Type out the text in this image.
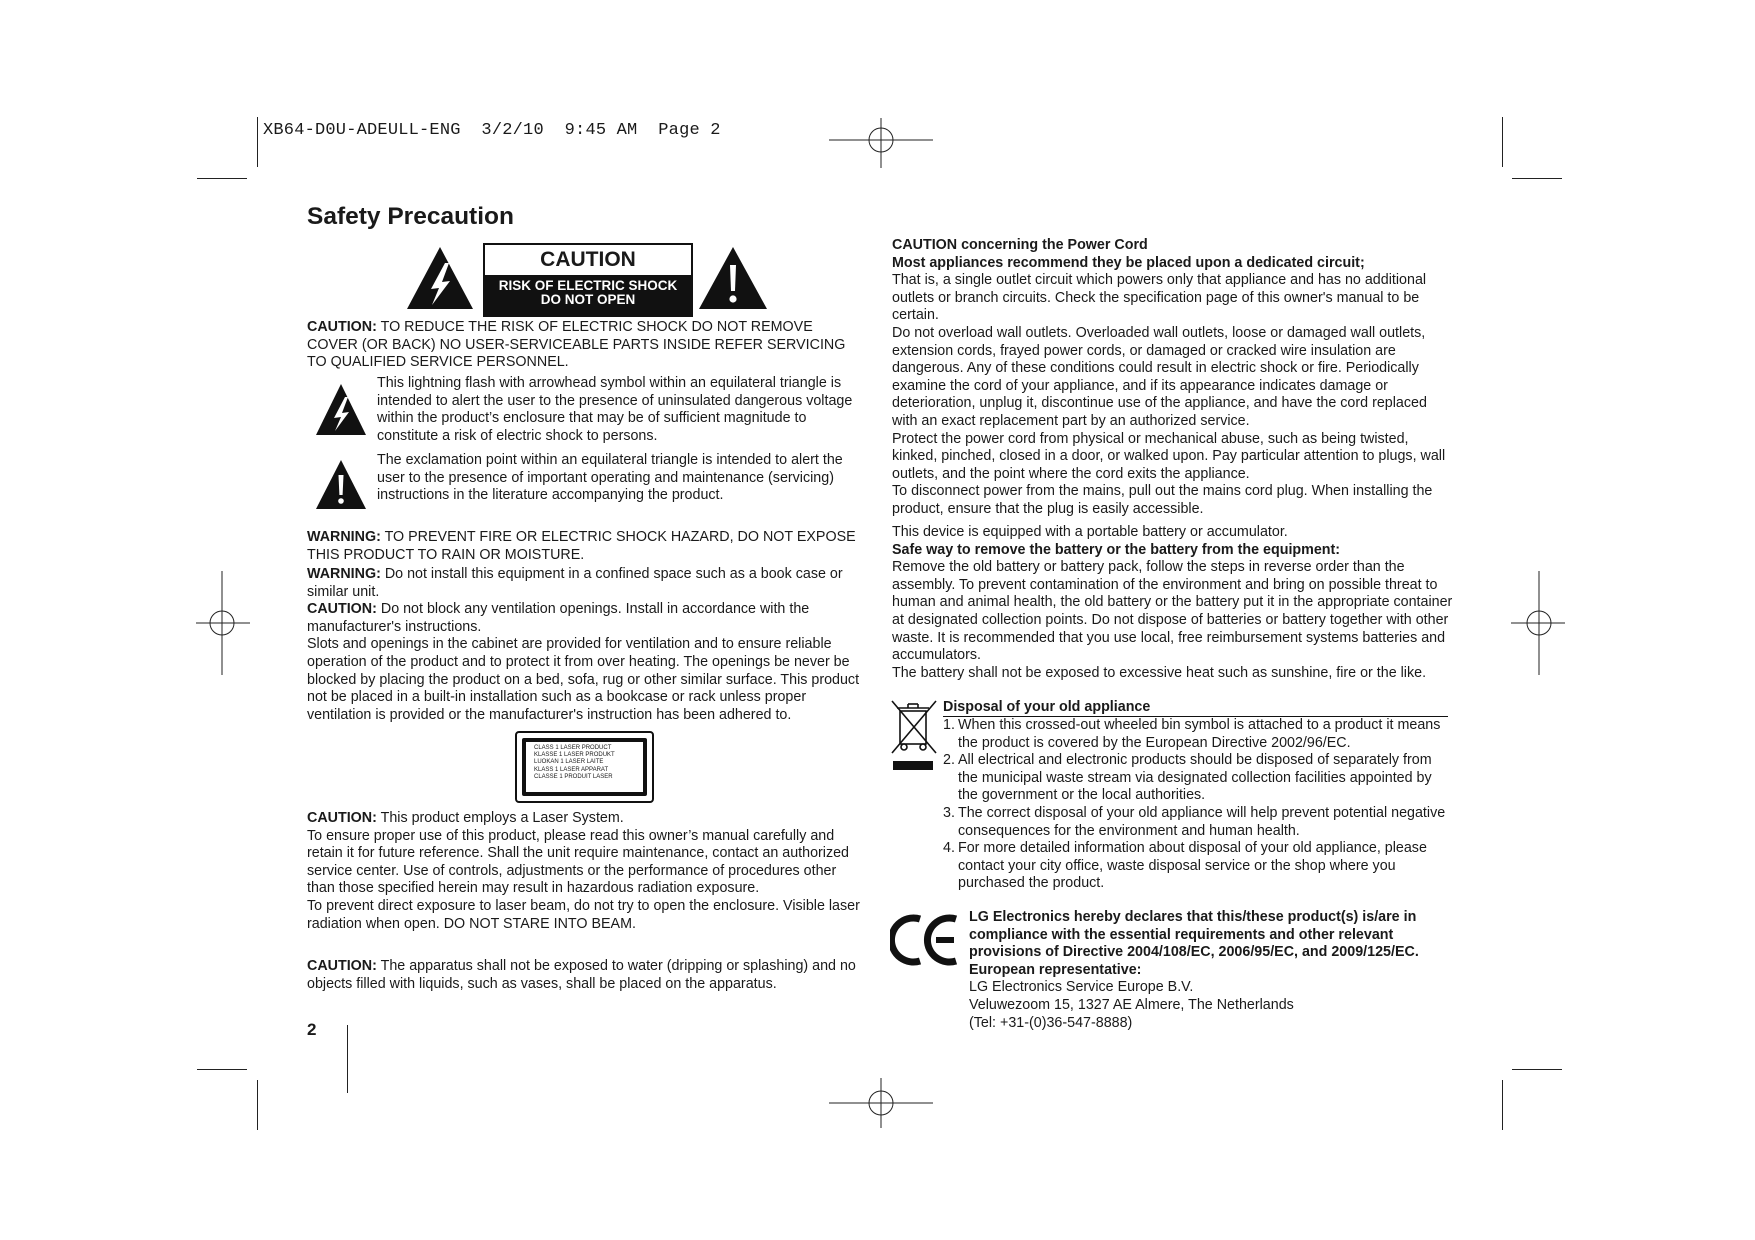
XB64-D0U-ADEULL-ENG  3/2/10  9:45 AM  Page 2
Safety Precaution
CAUTION
RISK OF ELECTRIC SHOCK
DO NOT OPEN

CAUTION: TO REDUCE THE RISK OF ELECTRIC SHOCK DO NOT REMOVE COVER (OR BACK) NO USER-SERVICEABLE PARTS INSIDE REFER SERVICING TO QUALIFIED SERVICE PERSONNEL.

This lightning flash with arrowhead symbol within an equilateral triangle is intended to alert the user to the presence of uninsulated dangerous voltage within the product’s enclosure that may be of sufficient magnitude to constitute a risk of electric shock to persons.
The exclamation point within an equilateral triangle is intended to alert the user to the presence of important operating and maintenance (servicing) instructions in the literature accompanying the product.

WARNING: TO PREVENT FIRE OR ELECTRIC SHOCK HAZARD, DO NOT EXPOSE THIS PRODUCT TO RAIN OR MOISTURE.

WARNING: Do not install this equipment in a confined space such as a book case or similar unit.

CAUTION: Do not block any ventilation openings. Install in accordance with the manufacturer's instructions.

Slots and openings in the cabinet are provided for ventilation and to ensure reliable operation of the product and to protect it from over heating. The openings be never be blocked by placing the product on a bed, sofa, rug or other similar surface. This product not be placed in a built-in installation such as a bookcase or rack unless proper ventilation is provided or the manufacturer's instruction has been adhered to.

CLASS 1 LASER PRODUCT
KLASSE 1 LASER PRODUKT
LUOKAN 1 LASER LAITE
KLASS 1 LASER APPARAT
CLASSE 1 PRODUIT LASER

CAUTION: This product employs a Laser System.

To ensure proper use of this product, please read this owner’s manual carefully and retain it for future reference. Shall the unit require maintenance, contact an authorized service center. Use of controls, adjustments or the performance of procedures other than those specified herein may result in hazardous radiation exposure.

To prevent direct exposure to laser beam, do not try to open the enclosure. Visible laser radiation when open. DO NOT STARE INTO BEAM.

CAUTION: The apparatus shall not be exposed to water (dripping or splashing) and no objects filled with liquids, such as vases, shall be placed on the apparatus.

2

CAUTION concerning the Power Cord

Most appliances recommend they be placed upon a dedicated circuit;

That is, a single outlet circuit which powers only that appliance and has no additional outlets or branch circuits. Check the specification page of this owner's manual to be certain.

Do not overload wall outlets. Overloaded wall outlets, loose or damaged wall outlets, extension cords, frayed power cords, or damaged or cracked wire insulation are dangerous. Any of these conditions could result in electric shock or fire. Periodically examine the cord of your appliance, and if its appearance indicates damage or deterioration, unplug it, discontinue use of the appliance, and have the cord replaced with an exact replacement part by an authorized service.

Protect the power cord from physical or mechanical abuse, such as being twisted, kinked, pinched, closed in a door, or walked upon. Pay particular attention to plugs, wall outlets, and the point where the cord exits the appliance.

To disconnect power from the mains, pull out the mains cord plug. When installing the product, ensure that the plug is easily accessible.

This device is equipped with a portable battery or accumulator.

Safe way to remove the battery or the battery from the equipment:

Remove the old battery or battery pack, follow the steps in reverse order than the assembly. To prevent contamination of the environment and bring on possible threat to human and animal health, the old battery or the battery put it in the appropriate container at designated collection points. Do not dispose of batteries or battery together with other waste. It is recommended that you use local, free reimbursement systems batteries and accumulators.

The battery shall not be exposed to excessive heat such as sunshine, fire or the like.

Disposal of your old appliance
1. When this crossed-out wheeled bin symbol is attached to a product it means the product is covered by the European Directive 2002/96/EC.
2. All electrical and electronic products should be disposed of separately from the municipal waste stream via designated collection facilities appointed by the government or the local authorities.
3. The correct disposal of your old appliance will help prevent potential negative consequences for the environment and human health.
4. For more detailed information about disposal of your old appliance, please contact your city office, waste disposal service or the shop where you purchased the product.
LG Electronics hereby declares that this/these product(s) is/are in compliance with the essential requirements and other relevant provisions of Directive 2004/108/EC, 2006/95/EC, and 2009/125/EC.
European representative:
LG Electronics Service Europe B.V.
Veluwezoom 15, 1327 AE Almere, The Netherlands
(Tel: +31-(0)36-547-8888)
